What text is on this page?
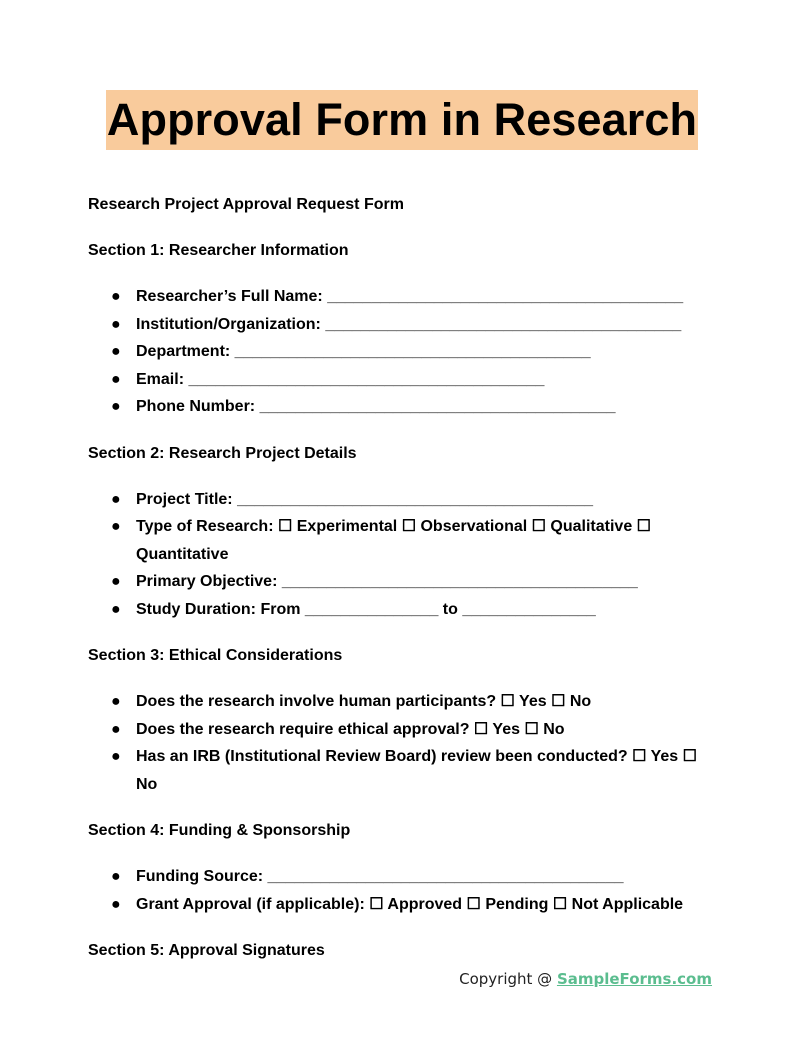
Approval Form in Research

Research Project Approval Request Form

Section 1: Researcher Information

● Researcher’s Full Name: ________________________________________
● Institution/Organization: ________________________________________
● Department: ________________________________________
● Email: ________________________________________
● Phone Number: ________________________________________

Section 2: Research Project Details

● Project Title: ________________________________________
● Type of Research: ☐ Experimental ☐ Observational ☐ Qualitative ☐ Quantitative
● Primary Objective: ________________________________________
● Study Duration: From _______________ to _______________

Section 3: Ethical Considerations

● Does the research involve human participants? ☐ Yes ☐ No
● Does the research require ethical approval? ☐ Yes ☐ No
● Has an IRB (Institutional Review Board) review been conducted? ☐ Yes ☐ No

Section 4: Funding & Sponsorship

● Funding Source: ________________________________________
● Grant Approval (if applicable): ☐ Approved ☐ Pending ☐ Not Applicable

Section 5: Approval Signatures

Copyright @ SampleForms.com
